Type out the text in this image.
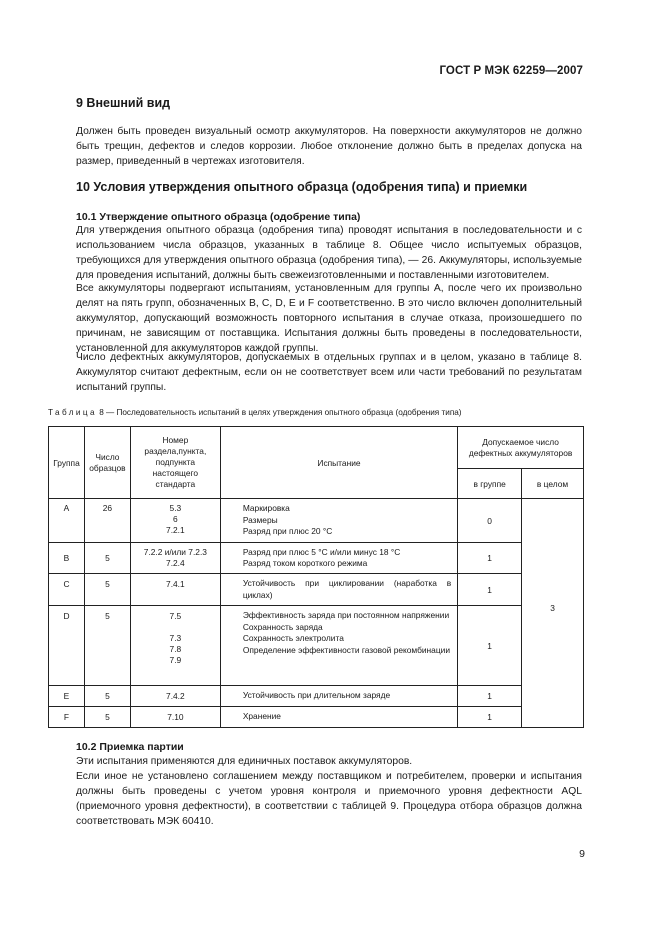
ГОСТ Р МЭК 62259—2007
9 Внешний вид

Должен быть проведен визуальный осмотр аккумуляторов. На поверхности аккумуляторов не должно быть трещин, дефектов и следов коррозии. Любое отклонение должно быть в пределах допуска на размер, приведенный в чертежах изготовителя.

10 Условия утверждения опытного образца (одобрения типа) и приемки
10.1 Утверждение опытного образца (одобрение типа)

Для утверждения опытного образца (одобрения типа) проводят испытания в последовательности и с использованием числа образцов, указанных в таблице 8. Общее число испытуемых образцов, требующихся для утверждения опытного образца (одобрения типа), — 26. Аккумуляторы, используемые для проведения испытаний, должны быть свежеизготовленными и поставленными изготовителем.

Все аккумуляторы подвергают испытаниям, установленным для группы А, после чего их произвольно делят на пять групп, обозначенных В, С, D, Е и F соответственно. В это число включен дополнительный аккумулятор, допускающий возможность повторного испытания в случае отказа, произошедшего по причинам, не зависящим от поставщика. Испытания должны быть проведены в последовательности, установленной для аккумуляторов каждой группы.

Число дефектных аккумуляторов, допускаемых в отдельных группах и в целом, указано в таблице 8. Аккумулятор считают дефектным, если он не соответствует всем или части требований по результатам испытаний группы.

Таблица 8 — Последовательность испытаний в целях утверждения опытного образца (одобрения типа)
Группа	Число образцов	Номер раздела,пункта, подпункта настоящего стандарта	Испытание	Допускаемое число дефектных аккумуляторов	
				в группе	в целом
A	26	5.3
6
7.2.1	Маркировка
Размеры
Разряд при плюс 20 °С	0	3
B	5	7.2.2 и/или 7.2.3
7.2.4	Разряд при плюс 5 °С и/или минус 18 °С
Разряд током короткого режима	1	
C	5	7.4.1	Устойчивость при циклировании (наработка в циклах)	1	
D	5	7.5
7.3
7.8
7.9	Эффективность заряда при постоянном напряжении
Сохранность заряда
Сохранность электролита
Определение эффективности газовой рекомбинации	1	
E	5	7.4.2	Устойчивость при длительном заряде	1	
F	5	7.10	Хранение	1	
10.2 Приемка партии

Эти испытания применяются для единичных поставок аккумуляторов.

Если иное не установлено соглашением между поставщиком и потребителем, проверки и испытания должны быть проведены с учетом уровня контроля и приемочного уровня дефектности AQL (приемочного уровня дефектности), в соответствии с таблицей 9. Процедура отбора образцов должна соответствовать МЭК 60410.

9
